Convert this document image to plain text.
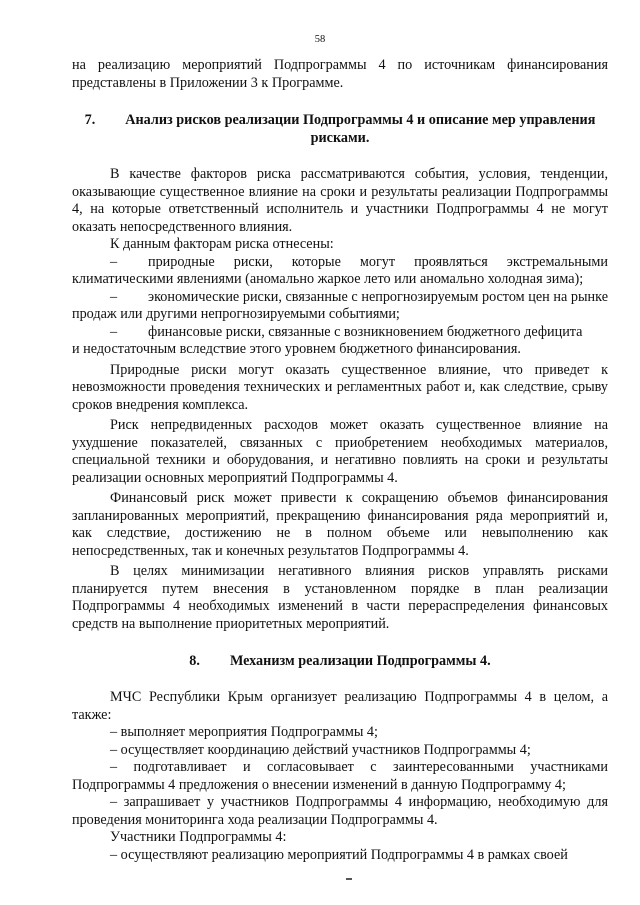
58

на реализацию мероприятий Подпрограммы 4 по источникам финансирования представлены в Приложении 3 к Программе.

7. Анализ рисков реализации Подпрограммы 4 и описание мер управления рисками.

В качестве факторов риска рассматриваются события, условия, тенденции, оказывающие существенное влияние на сроки и результаты реализации Подпрограммы 4, на которые ответственный исполнитель и участники Подпрограммы 4 не могут оказать непосредственного влияния.

К данным факторам риска отнесены:

– природные риски, которые могут проявляться экстремальными климатическими явлениями (аномально жаркое лето или аномально холодная зима);

– экономические риски, связанные с непрогнозируемым ростом цен на рынке продаж или другими непрогнозируемыми событиями;

– финансовые риски, связанные с возникновением бюджетного дефицита

и недостаточным вследствие этого уровнем бюджетного финансирования.

Природные риски могут оказать существенное влияние, что приведет к невозможности проведения технических и регламентных работ и, как следствие, срыву сроков внедрения комплекса.

Риск непредвиденных расходов может оказать существенное влияние на ухудшение показателей, связанных с приобретением необходимых материалов, специальной техники и оборудования, и негативно повлиять на сроки и результаты реализации основных мероприятий Подпрограммы 4.

Финансовый риск может привести к сокращению объемов финансирования запланированных мероприятий, прекращению финансирования ряда мероприятий и, как следствие, достижению не в полном объеме или невыполнению как непосредственных, так и конечных результатов Подпрограммы 4.

В целях минимизации негативного влияния рисков управлять рисками планируется путем внесения в установленном порядке в план реализации Подпрограммы 4 необходимых изменений в части перераспределения финансовых средств на выполнение приоритетных мероприятий.

8. Механизм реализации Подпрограммы 4.

МЧС Республики Крым организует реализацию Подпрограммы 4 в целом, а также:

– выполняет мероприятия Подпрограммы 4;

– осуществляет координацию действий участников Подпрограммы 4;

– подготавливает и согласовывает с заинтересованными участниками Подпрограммы 4 предложения о внесении изменений в данную Подпрограмму 4;

– запрашивает у участников Подпрограммы 4 информацию, необходимую для проведения мониторинга хода реализации Подпрограммы 4.

Участники Подпрограммы 4:

– осуществляют реализацию мероприятий Подпрограммы 4 в рамках своей
